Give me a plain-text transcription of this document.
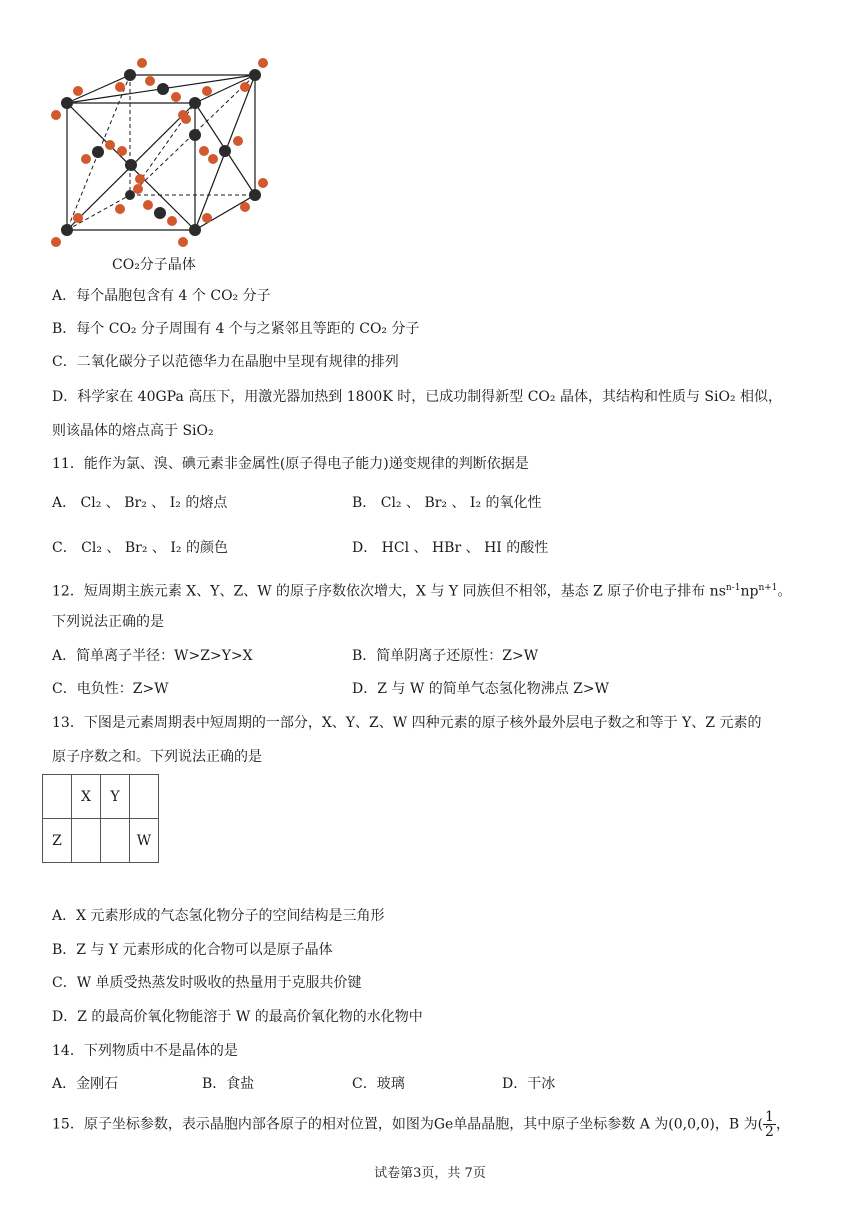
CO₂分子晶体
A．每个晶胞包含有 4 个 CO₂ 分子
B．每个 CO₂ 分子周围有 4 个与之紧邻且等距的 CO₂ 分子
C．二氧化碳分子以范德华力在晶胞中呈现有规律的排列
D．科学家在 40GPa 高压下，用激光器加热到 1800K 时，已成功制得新型 CO₂ 晶体，其结构和性质与 SiO₂ 相似，
则该晶体的熔点高于 SiO₂
11．能作为氯、溴、碘元素非金属性(原子得电子能力)递变规律的判断依据是
A． Cl₂ 、 Br₂ 、 I₂ 的熔点	B． Cl₂ 、 Br₂ 、 I₂ 的氧化性
C． Cl₂ 、 Br₂ 、 I₂ 的颜色	D． HCl 、 HBr 、 HI 的酸性
12．短周期主族元素 X、Y、Z、W 的原子序数依次增大，X 与 Y 同族但不相邻，基态 Z 原子价电子排布 $ns^{n-1}np^{n+1}$。
下列说法正确的是
A．简单离子半径：W>Z>Y>X	B．简单阴离子还原性：Z>W
C．电负性：Z>W	D．Z 与 W 的简单气态氢化物沸点 Z>W
13．下图是元素周期表中短周期的一部分，X、Y、Z、W 四种元素的原子核外最外层电子数之和等于 Y、Z 元素的
原子序数之和。下列说法正确的是
	X	Y	
Z			W
A．X 元素形成的气态氢化物分子的空间结构是三角形
B．Z 与 Y 元素形成的化合物可以是原子晶体
C．W 单质受热蒸发时吸收的热量用于克服共价键
D．Z 的最高价氧化物能溶于 W 的最高价氧化物的水化物中
14．下列物质中不是晶体的是
A．金刚石	B．食盐	C．玻璃	D．干冰
15．原子坐标参数，表示晶胞内部各原子的相对位置，如图为Ge单晶晶胞，其中原子坐标参数 A 为(0,0,0)，B 为( $\frac{1}{2}$ ，
试卷第3页，共 7页
